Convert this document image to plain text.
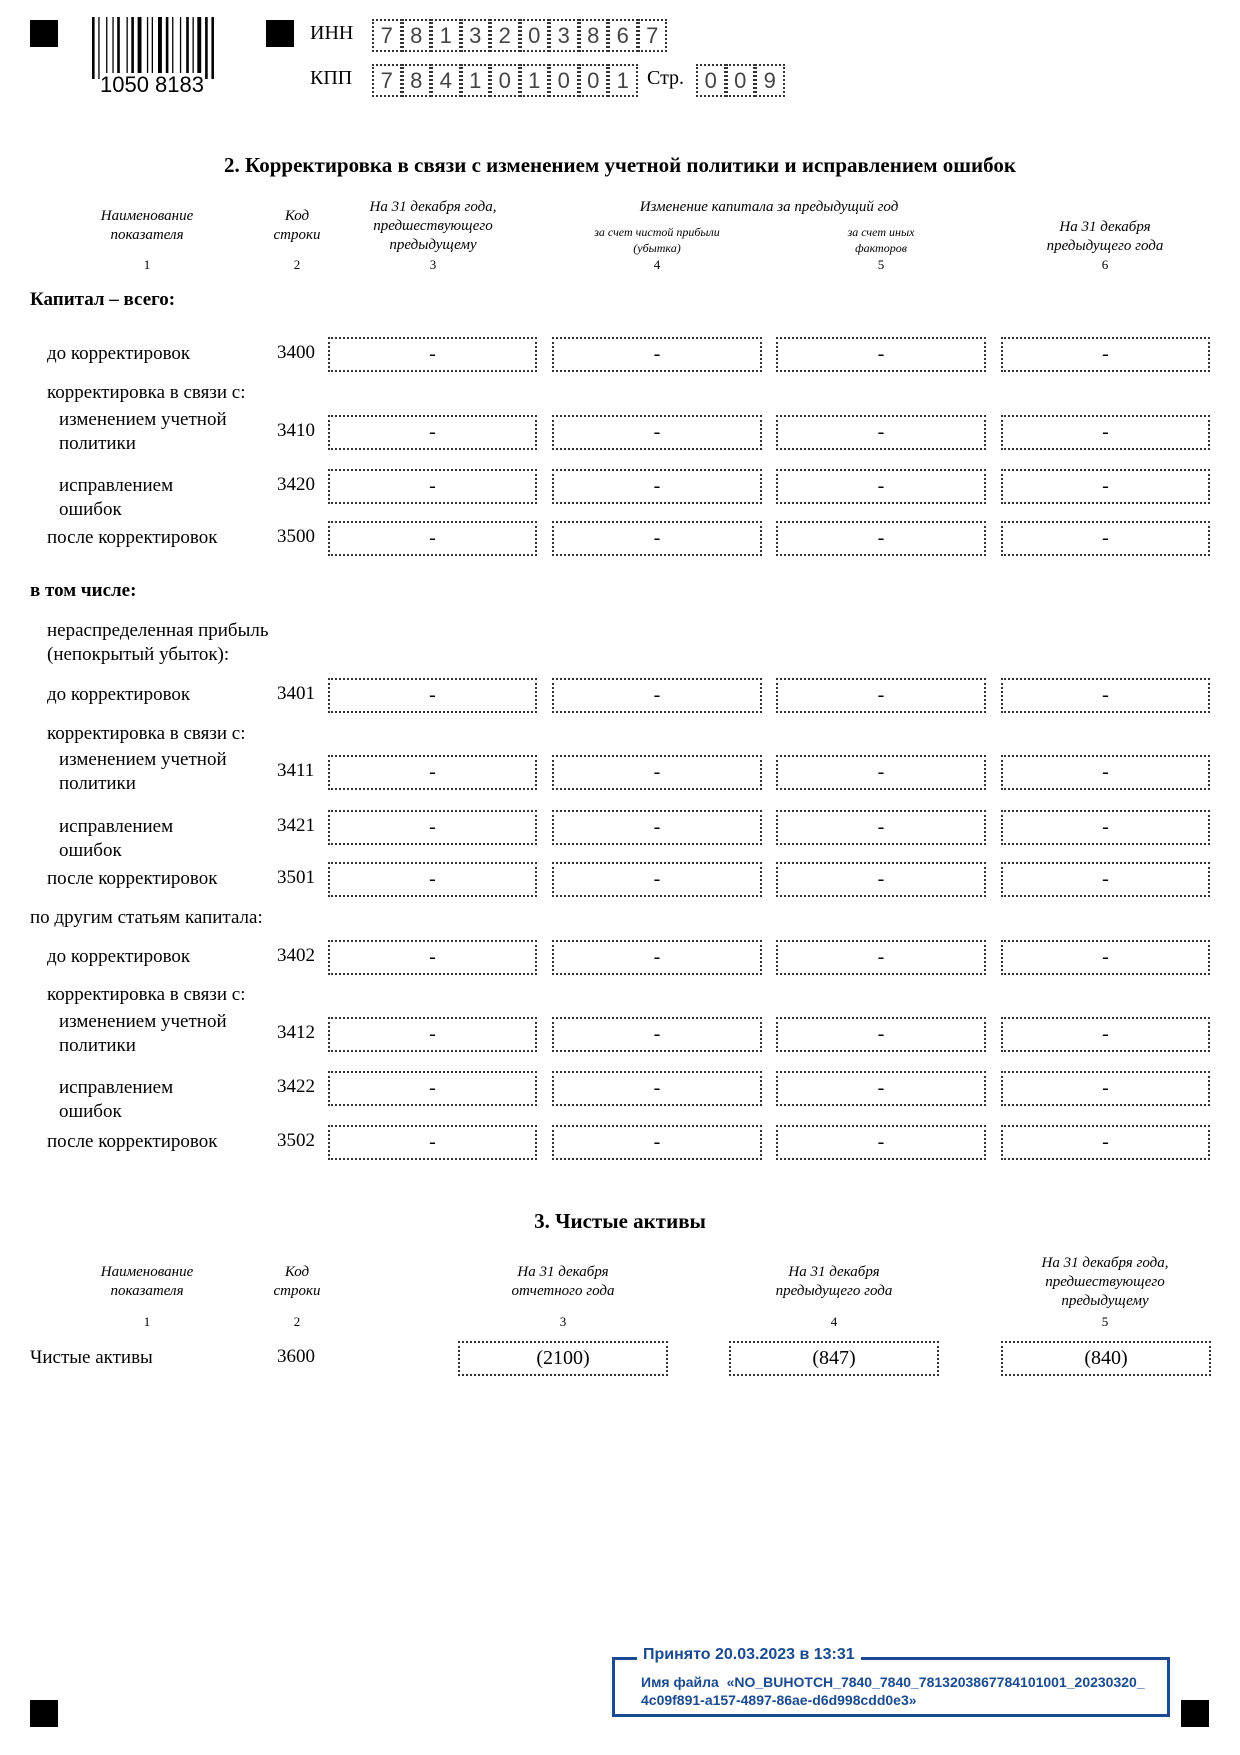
1050 8183
ИНН	7 8 1 3 2 0 3 8 6 7
КПП	7 8 4 1 0 1 0 0 1 Стр. 0 0 9
2. Корректировка в связи с изменением учетной политики и исправлением ошибок
Наименование показателя
Код строки
На 31 декабря года, предшествующего предыдущему
Изменение капитала за предыдущий год
за счет чистой прибыли (убытка)
за счет иных факторов
На 31 декабря предыдущего года
1	2	3	4	5	6
Капитал – всего:
до корректировок	3400	-	-	-	-
корректировка в связи с:
изменением учетной политики
3410	-	-	-	-
исправлением ошибок
3420	-	-	-	-
после корректировок	3500	-	-	-	-
в том числе:
нераспределенная прибыль (непокрытый убыток):
до корректировок	3401	-	-	-	-
корректировка в связи с:
изменением учетной политики
3411	-	-	-	-
исправлением ошибок
3421	-	-	-	-
после корректировок	3501	-	-	-	-
по другим статьям капитала:
до корректировок	3402	-	-	-	-
корректировка в связи с:
изменением учетной политики
3412	-	-	-	-
исправлением ошибок
3422	-	-	-	-
после корректировок	3502	-	-	-	-
3. Чистые активы
Наименование показателя
Код строки
На 31 декабря отчетного года
На 31 декабря предыдущего года
На 31 декабря года, предшествующего предыдущему
1	2	3	4	5
Чистые активы	3600	(2100)	(847)	(840)
Принято 20.03.2023 в 13:31
Имя файла «NO_BUHOTCH_7840_7840_7813203867784101001_20230320_
4c09f891-a157-4897-86ae-d6d998cdd0e3»
